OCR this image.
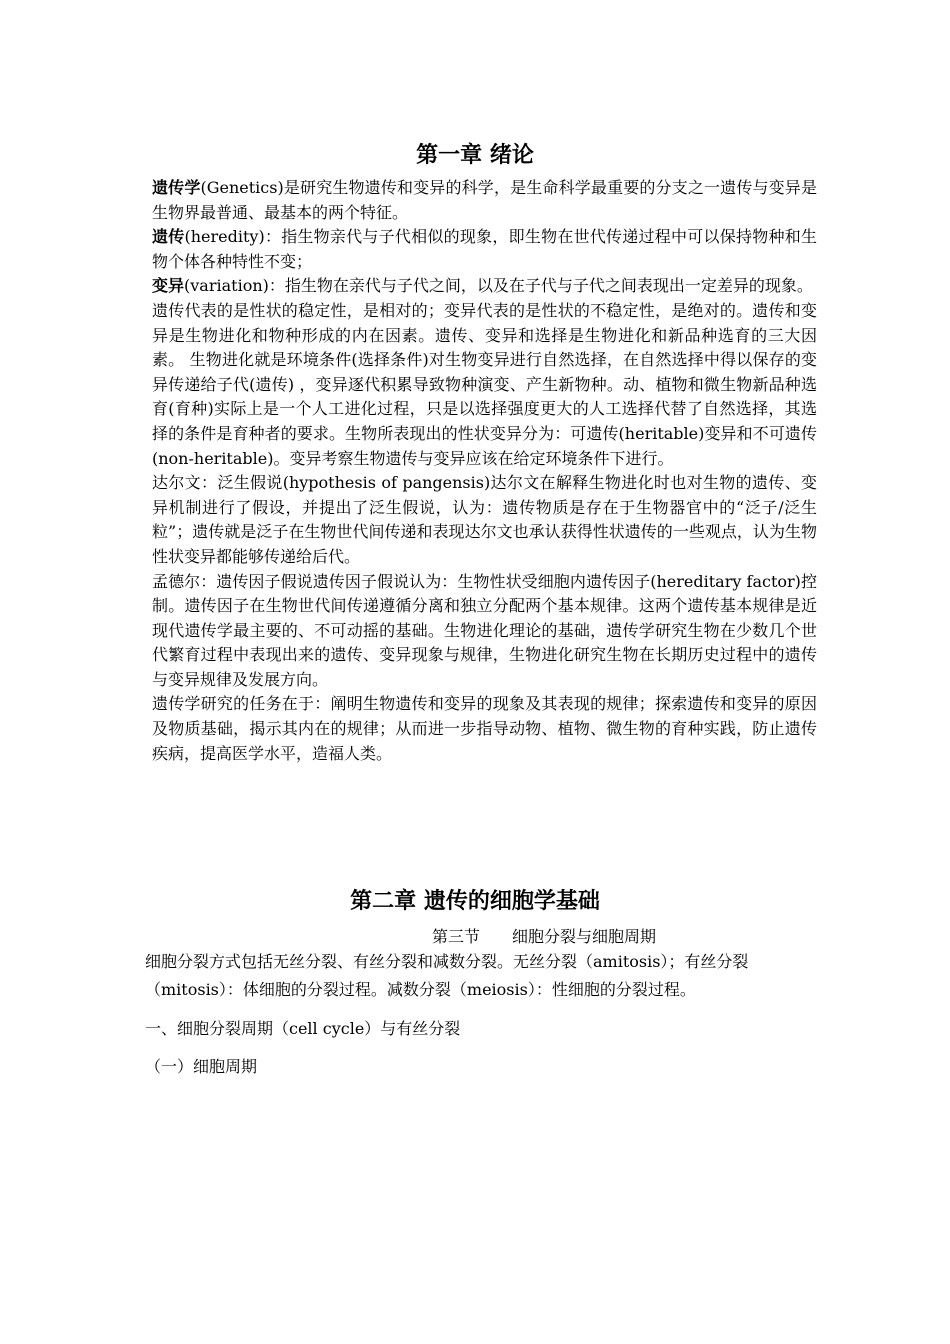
第一章 绪论

遗传学(Genetics)是研究生物遗传和变异的科学，是生命科学最重要的分支之一遗传与变异是生物界最普通、最基本的两个特征。

遗传(heredity)：指生物亲代与子代相似的现象，即生物在世代传递过程中可以保持物种和生物个体各种特性不变；

变异(variation)：指生物在亲代与子代之间，以及在子代与子代之间表现出一定差异的现象。

遗传代表的是性状的稳定性，是相对的；变异代表的是性状的不稳定性，是绝对的。遗传和变异是生物进化和物种形成的内在因素。遗传、变异和选择是生物进化和新品种选育的三大因素。 生物进化就是环境条件(选择条件)对生物变异进行自然选择，在自然选择中得以保存的变异传递给子代(遗传) ，变异逐代积累导致物种演变、产生新物种。动、植物和微生物新品种选育(育种)实际上是一个人工进化过程，只是以选择强度更大的人工选择代替了自然选择，其选择的条件是育种者的要求。生物所表现出的性状变异分为：可遗传(heritable)变异和不可遗传(non-heritable)。变异考察生物遗传与变异应该在给定环境条件下进行。

达尔文：泛生假说(hypothesis of pangensis)达尔文在解释生物进化时也对生物的遗传、变异机制进行了假设，并提出了泛生假说，认为：遗传物质是存在于生物器官中的“泛子/泛生粒”；遗传就是泛子在生物世代间传递和表现达尔文也承认获得性状遗传的一些观点，认为生物性状变异都能够传递给后代。

孟德尔：遗传因子假说遗传因子假说认为：生物性状受细胞内遗传因子(hereditary factor)控制。遗传因子在生物世代间传递遵循分离和独立分配两个基本规律。这两个遗传基本规律是近现代遗传学最主要的、不可动摇的基础。生物进化理论的基础，遗传学研究生物在少数几个世代繁育过程中表现出来的遗传、变异现象与规律，生物进化研究生物在长期历史过程中的遗传与变异规律及发展方向。

遗传学研究的任务在于：阐明生物遗传和变异的现象及其表现的规律；探索遗传和变异的原因及物质基础，揭示其内在的规律；从而进一步指导动物、植物、微生物的育种实践，防止遗传疾病，提高医学水平，造福人类。

第二章 遗传的细胞学基础
第三节　　细胞分裂与细胞周期

细胞分裂方式包括无丝分裂、有丝分裂和减数分裂。无丝分裂（amitosis）；有丝分裂（mitosis）：体细胞的分裂过程。减数分裂（meiosis）：性细胞的分裂过程。

一、细胞分裂周期（cell cycle）与有丝分裂

（一）细胞周期
